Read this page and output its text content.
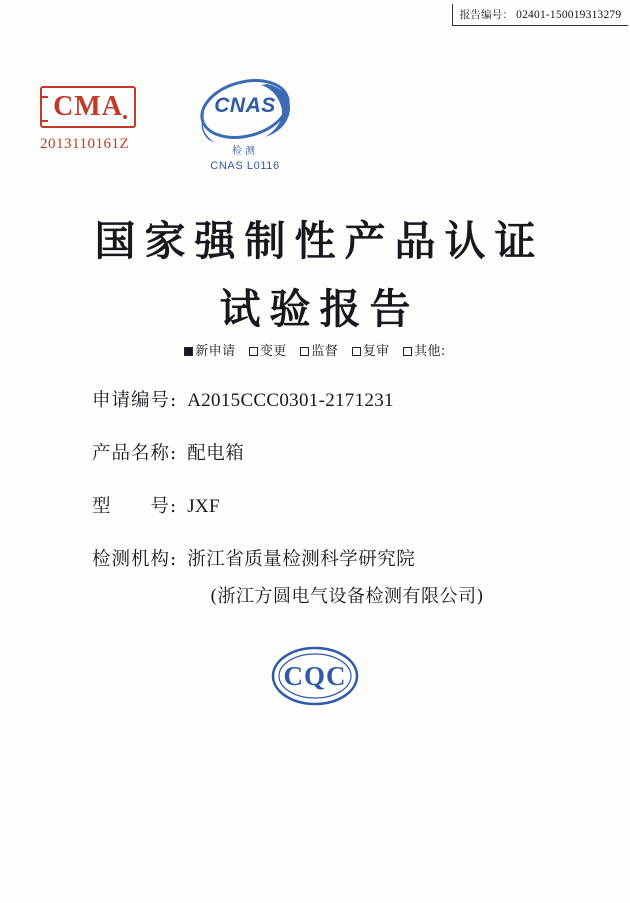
报告编号： 02401-150019313279
CMA
2013110161Z
CNAS
检测
CNAS L0116
国家强制性产品认证
试验报告
新申请 变更 监督 复审 其他:
申请编号: A2015CCC0301-2171231
产品名称: 配电箱
型　　号: JXF
检测机构: 浙江省质量检测科学研究院
(浙江方圆电气设备检测有限公司)
CQC
